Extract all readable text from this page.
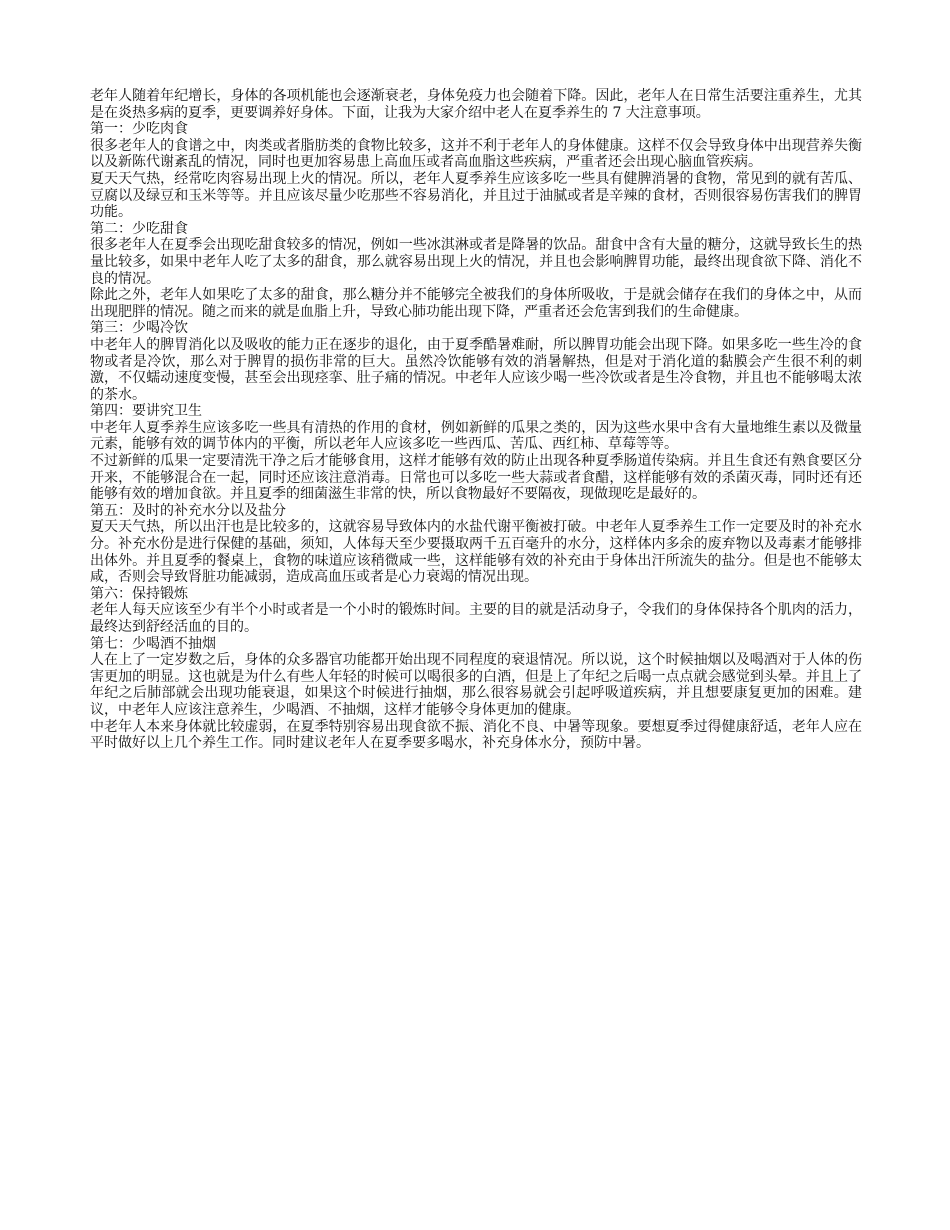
老年人随着年纪增长，身体的各项机能也会逐渐衰老，身体免疫力也会随着下降。因此，老年人在日常生活要注重养生，尤其是在炎热多病的夏季，更要调养好身体。下面，让我为大家介绍中老人在夏季养生的 7 大注意事项。

第一：少吃肉食

很多老年人的食谱之中，肉类或者脂肪类的食物比较多，这并不利于老年人的身体健康。这样不仅会导致身体中出现营养失衡以及新陈代谢紊乱的情况，同时也更加容易患上高血压或者高血脂这些疾病，严重者还会出现心脑血管疾病。

夏天天气热，经常吃肉容易出现上火的情况。所以，老年人夏季养生应该多吃一些具有健脾消暑的食物，常见到的就有苦瓜、豆腐以及绿豆和玉米等等。并且应该尽量少吃那些不容易消化，并且过于油腻或者是辛辣的食材，否则很容易伤害我们的脾胃功能。

第二：少吃甜食

很多老年人在夏季会出现吃甜食较多的情况，例如一些冰淇淋或者是降暑的饮品。甜食中含有大量的糖分，这就导致长生的热量比较多，如果中老年人吃了太多的甜食，那么就容易出现上火的情况，并且也会影响脾胃功能，最终出现食欲下降、消化不良的情况。

除此之外，老年人如果吃了太多的甜食，那么糖分并不能够完全被我们的身体所吸收，于是就会储存在我们的身体之中，从而出现肥胖的情况。随之而来的就是血脂上升，导致心肺功能出现下降，严重者还会危害到我们的生命健康。

第三：少喝冷饮

中老年人的脾胃消化以及吸收的能力正在逐步的退化，由于夏季酷暑难耐，所以脾胃功能会出现下降。如果多吃一些生冷的食物或者是冷饮，那么对于脾胃的损伤非常的巨大。虽然冷饮能够有效的消暑解热，但是对于消化道的黏膜会产生很不利的刺激，不仅蠕动速度变慢，甚至会出现痉挛、肚子痛的情况。中老年人应该少喝一些冷饮或者是生冷食物，并且也不能够喝太浓的茶水。

第四：要讲究卫生

中老年人夏季养生应该多吃一些具有清热的作用的食材，例如新鲜的瓜果之类的，因为这些水果中含有大量地维生素以及微量元素，能够有效的调节体内的平衡，所以老年人应该多吃一些西瓜、苦瓜、西红柿、草莓等等。

不过新鲜的瓜果一定要清洗干净之后才能够食用，这样才能够有效的防止出现各种夏季肠道传染病。并且生食还有熟食要区分开来，不能够混合在一起，同时还应该注意消毒。日常也可以多吃一些大蒜或者食醋，这样能够有效的杀菌灭毒，同时还有还能够有效的增加食欲。并且夏季的细菌滋生非常的快，所以食物最好不要隔夜，现做现吃是最好的。

第五：及时的补充水分以及盐分

夏天天气热，所以出汗也是比较多的，这就容易导致体内的水盐代谢平衡被打破。中老年人夏季养生工作一定要及时的补充水分。补充水份是进行保健的基础，须知，人体每天至少要摄取两千五百毫升的水分，这样体内多余的废弃物以及毒素才能够排出体外。并且夏季的餐桌上，食物的味道应该稍微咸一些，这样能够有效的补充由于身体出汗所流失的盐分。但是也不能够太咸，否则会导致肾脏功能减弱，造成高血压或者是心力衰竭的情况出现。

第六：保持锻炼

老年人每天应该至少有半个小时或者是一个小时的锻炼时间。主要的目的就是活动身子，令我们的身体保持各个肌肉的活力，最终达到舒经活血的目的。

第七：少喝酒不抽烟

人在上了一定岁数之后，身体的众多器官功能都开始出现不同程度的衰退情况。所以说，这个时候抽烟以及喝酒对于人体的伤害更加的明显。这也就是为什么有些人年轻的时候可以喝很多的白酒，但是上了年纪之后喝一点点就会感觉到头晕。并且上了年纪之后肺部就会出现功能衰退，如果这个时候进行抽烟，那么很容易就会引起呼吸道疾病，并且想要康复更加的困难。建议，中老年人应该注意养生，少喝酒、不抽烟，这样才能够令身体更加的健康。

中老年人本来身体就比较虚弱，在夏季特别容易出现食欲不振、消化不良、中暑等现象。要想夏季过得健康舒适，老年人应在平时做好以上几个养生工作。同时建议老年人在夏季要多喝水，补充身体水分，预防中暑。
